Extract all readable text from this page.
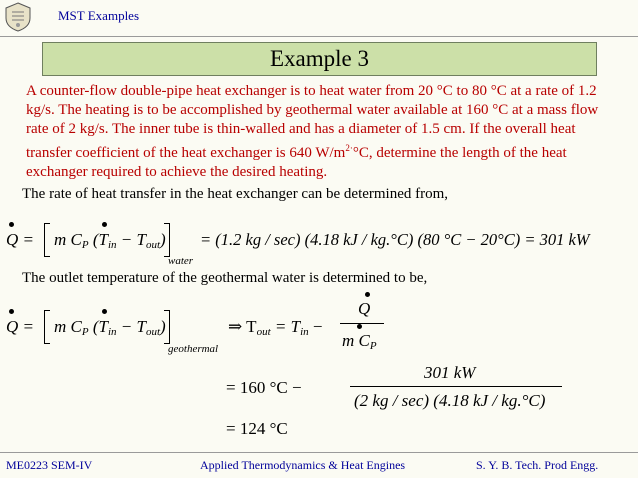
MST Examples
Example 3
A counter-flow double-pipe heat exchanger is to heat water from 20 °C to 80 °C at a rate of 1.2 kg/s. The heating is to be accomplished by geothermal water available at 160 °C at a mass flow rate of 2 kg/s. The inner tube is thin-walled and has a diameter of 1.5 cm. If the overall heat transfer coefficient of the heat exchanger is 640 $W/m^{2\cdot}^\circ C$, determine the length of the heat exchanger required to achieve the desired heating.
The rate of heat transfer in the heat exchanger can be determined from,
Q = m $C_P$ $(T_{in} - T_{out})$
water
= (1.2 kg / sec) (4.18 kJ / kg.°C) (80 °C − 20°C) = 301 kW
The outlet temperature of the geothermal water is determined to be,
Q = m $C_P$ $(T_{in} - T_{out})$
geothermal
⇒ $T_{out} = T_{in}$ −
Q
m $C_P$
= 160 °C −
301 kW
(2 kg / sec) (4.18 kJ / kg.°C)
= 124 °C
ME0223 SEM-IV	Applied Thermodynamics & Heat Engines	S. Y. B. Tech. Prod Engg.
